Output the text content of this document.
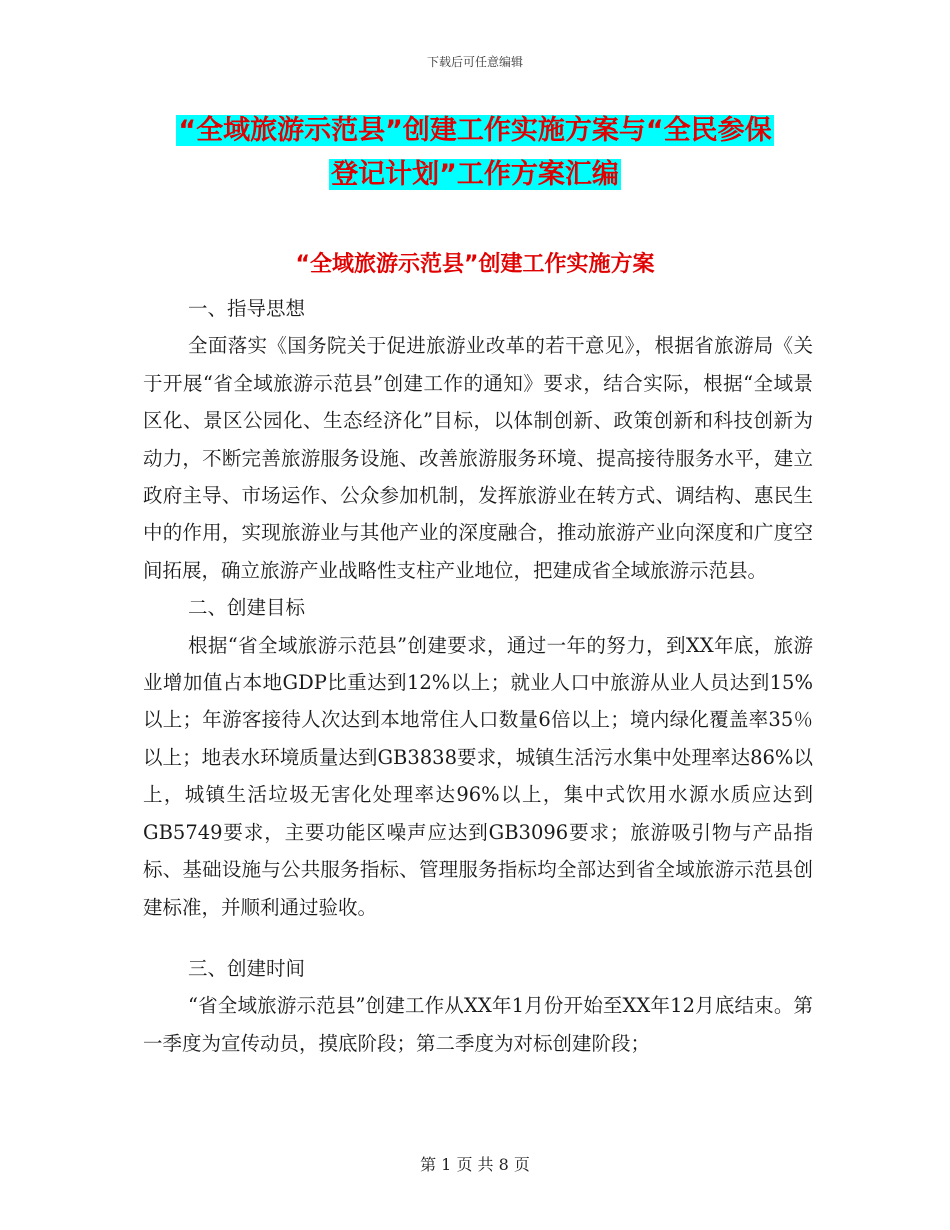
下载后可任意编辑
“全域旅游示范县”创建工作实施方案与“全民参保
登记计划”工作方案汇编
“全域旅游示范县”创建工作实施方案

一、指导思想

全面落实《国务院关于促进旅游业改革的若干意见》，根据省旅游局《关于开展“省全域旅游示范县”创建工作的通知》要求，结合实际，根据“全域景区化、景区公园化、生态经济化”目标，以体制创新、政策创新和科技创新为动力，不断完善旅游服务设施、改善旅游服务环境、提高接待服务水平，建立政府主导、市场运作、公众参加机制，发挥旅游业在转方式、调结构、惠民生中的作用，实现旅游业与其他产业的深度融合，推动旅游产业向深度和广度空间拓展，确立旅游产业战略性支柱产业地位，把建成省全域旅游示范县。

二、创建目标

根据“省全域旅游示范县”创建要求，通过一年的努力，到XX年底，旅游业增加值占本地GDP比重达到12%以上；就业人口中旅游从业人员达到15%以上；年游客接待人次达到本地常住人口数量6倍以上；境内绿化覆盖率35％以上；地表水环境质量达到GB3838要求，城镇生活污水集中处理率达86%以上，城镇生活垃圾无害化处理率达96%以上，集中式饮用水源水质应达到GB5749要求，主要功能区噪声应达到GB3096要求；旅游吸引物与产品指标、基础设施与公共服务指标、管理服务指标均全部达到省全域旅游示范县创建标准，并顺利通过验收。

三、创建时间

“省全域旅游示范县”创建工作从XX年1月份开始至XX年12月底结束。第一季度为宣传动员，摸底阶段；第二季度为对标创建阶段；

第 1 页 共 8 页
